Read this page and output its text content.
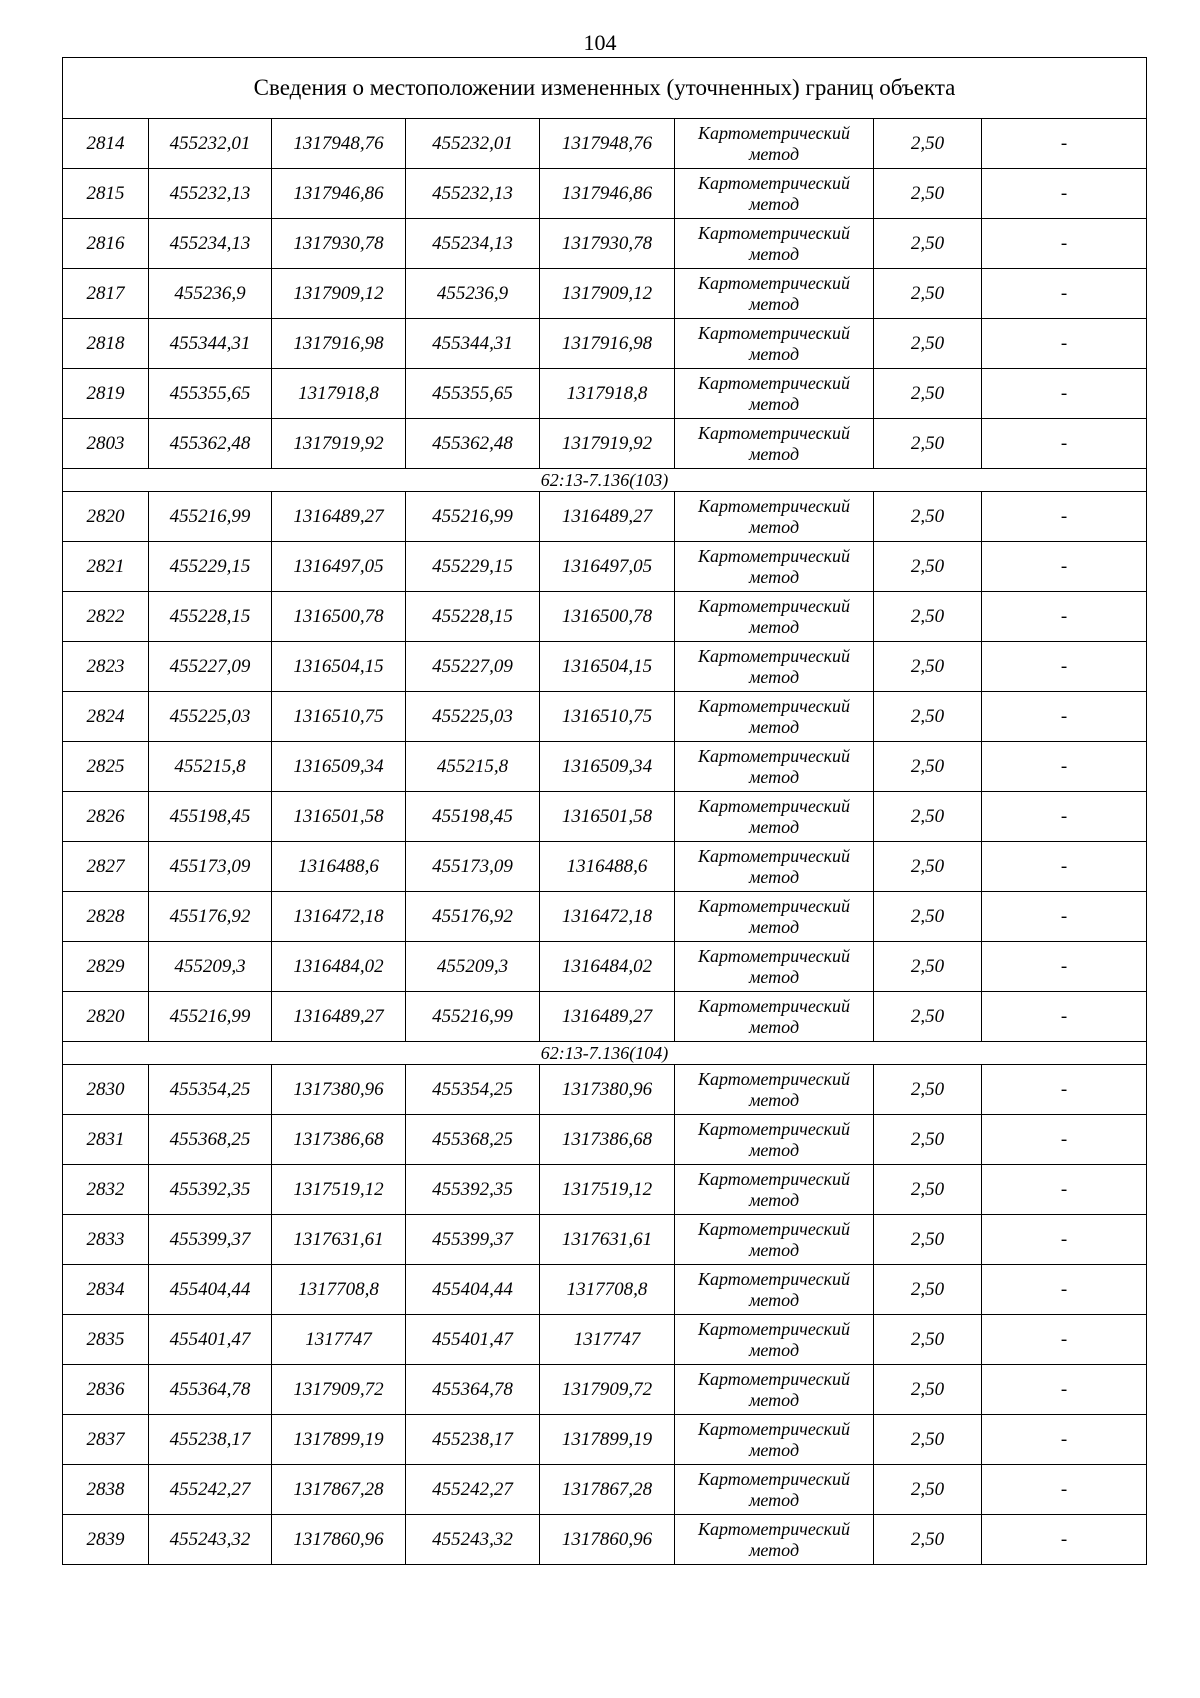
104
Сведения о местоположении измененных (уточненных) границ объекта							
2814	455232,01	1317948,76	455232,01	1317948,76	Картометрический метод	2,50	-
2815	455232,13	1317946,86	455232,13	1317946,86	Картометрический метод	2,50	-
2816	455234,13	1317930,78	455234,13	1317930,78	Картометрический метод	2,50	-
2817	455236,9	1317909,12	455236,9	1317909,12	Картометрический метод	2,50	-
2818	455344,31	1317916,98	455344,31	1317916,98	Картометрический метод	2,50	-
2819	455355,65	1317918,8	455355,65	1317918,8	Картометрический метод	2,50	-
2803	455362,48	1317919,92	455362,48	1317919,92	Картометрический метод	2,50	-
62:13-7.136(103)							
2820	455216,99	1316489,27	455216,99	1316489,27	Картометрический метод	2,50	-
2821	455229,15	1316497,05	455229,15	1316497,05	Картометрический метод	2,50	-
2822	455228,15	1316500,78	455228,15	1316500,78	Картометрический метод	2,50	-
2823	455227,09	1316504,15	455227,09	1316504,15	Картометрический метод	2,50	-
2824	455225,03	1316510,75	455225,03	1316510,75	Картометрический метод	2,50	-
2825	455215,8	1316509,34	455215,8	1316509,34	Картометрический метод	2,50	-
2826	455198,45	1316501,58	455198,45	1316501,58	Картометрический метод	2,50	-
2827	455173,09	1316488,6	455173,09	1316488,6	Картометрический метод	2,50	-
2828	455176,92	1316472,18	455176,92	1316472,18	Картометрический метод	2,50	-
2829	455209,3	1316484,02	455209,3	1316484,02	Картометрический метод	2,50	-
2820	455216,99	1316489,27	455216,99	1316489,27	Картометрический метод	2,50	-
62:13-7.136(104)							
2830	455354,25	1317380,96	455354,25	1317380,96	Картометрический метод	2,50	-
2831	455368,25	1317386,68	455368,25	1317386,68	Картометрический метод	2,50	-
2832	455392,35	1317519,12	455392,35	1317519,12	Картометрический метод	2,50	-
2833	455399,37	1317631,61	455399,37	1317631,61	Картометрический метод	2,50	-
2834	455404,44	1317708,8	455404,44	1317708,8	Картометрический метод	2,50	-
2835	455401,47	1317747	455401,47	1317747	Картометрический метод	2,50	-
2836	455364,78	1317909,72	455364,78	1317909,72	Картометрический метод	2,50	-
2837	455238,17	1317899,19	455238,17	1317899,19	Картометрический метод	2,50	-
2838	455242,27	1317867,28	455242,27	1317867,28	Картометрический метод	2,50	-
2839	455243,32	1317860,96	455243,32	1317860,96	Картометрический метод	2,50	-
